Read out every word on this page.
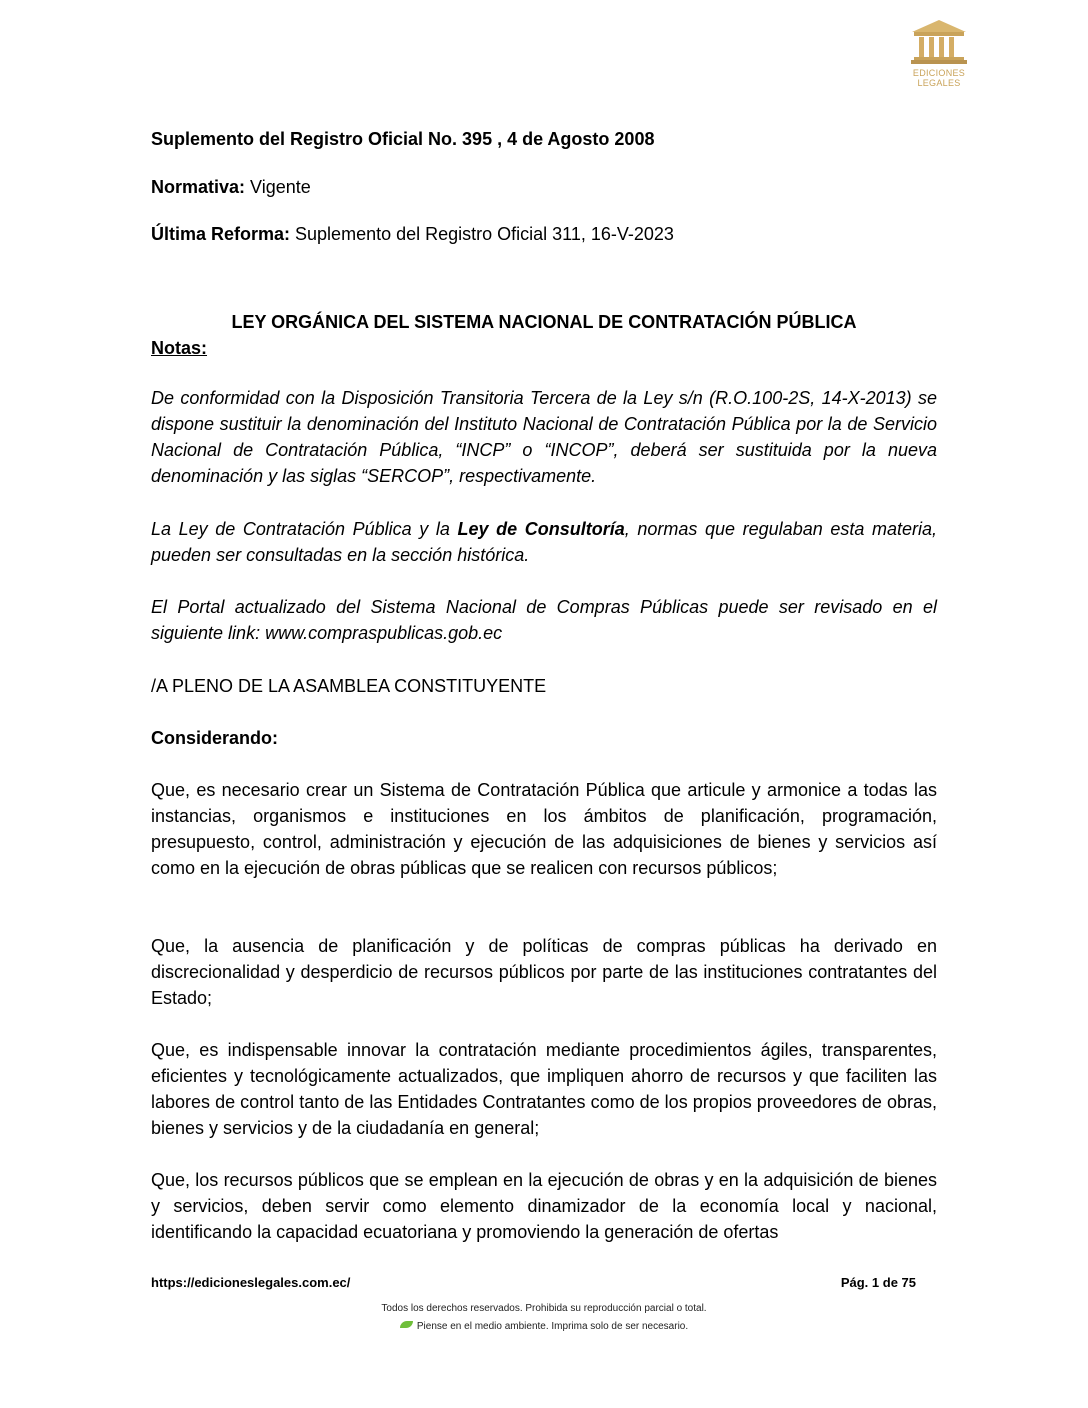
EDICIONES
LEGALES
Suplemento del Registro Oficial No. 395 , 4 de Agosto 2008
Normativa: Vigente
Última Reforma: Suplemento del Registro Oficial 311, 16-V-2023
LEY ORGÁNICA DEL SISTEMA NACIONAL DE CONTRATACIÓN PÚBLICA
Notas:

De conformidad con la Disposición Transitoria Tercera de la Ley s/n (R.O.100-2S, 14-X-2013) se dispone sustituir la denominación del Instituto Nacional de Contratación Pública por la de Servicio Nacional de Contratación Pública, “INCP” o “INCOP”, deberá ser sustituida por la nueva denominación y las siglas “SERCOP”, respectivamente.

La Ley de Contratación Pública y la Ley de Consultoría, normas que regulaban esta materia, pueden ser consultadas en la sección histórica.

El Portal actualizado del Sistema Nacional de Compras Públicas puede ser revisado en el siguiente link: www.compraspublicas.gob.ec

/A PLENO DE LA ASAMBLEA CONSTITUYENTE

Considerando:

Que, es necesario crear un Sistema de Contratación Pública que articule y armonice a todas las instancias, organismos e instituciones en los ámbitos de planificación, programación, presupuesto, control, administración y ejecución de las adquisiciones de bienes y servicios así como en la ejecución de obras públicas que se realicen con recursos públicos;

Que, la ausencia de planificación y de políticas de compras públicas ha derivado en discrecionalidad y desperdicio de recursos públicos por parte de las instituciones contratantes del Estado;

Que, es indispensable innovar la contratación mediante procedimientos ágiles, transparentes, eficientes y tecnológicamente actualizados, que impliquen ahorro de recursos y que faciliten las labores de control tanto de las Entidades Contratantes como de los propios proveedores de obras, bienes y servicios y de la ciudadanía en general;

Que, los recursos públicos que se emplean en la ejecución de obras y en la adquisición de bienes y servicios, deben servir como elemento dinamizador de la economía local y nacional, identificando la capacidad ecuatoriana y promoviendo la generación de ofertas

https://edicioneslegales.com.ec/	Pág. 1 de 75
Todos los derechos reservados. Prohibida su reproducción parcial o total.
Piense en el medio ambiente. Imprima solo de ser necesario.
